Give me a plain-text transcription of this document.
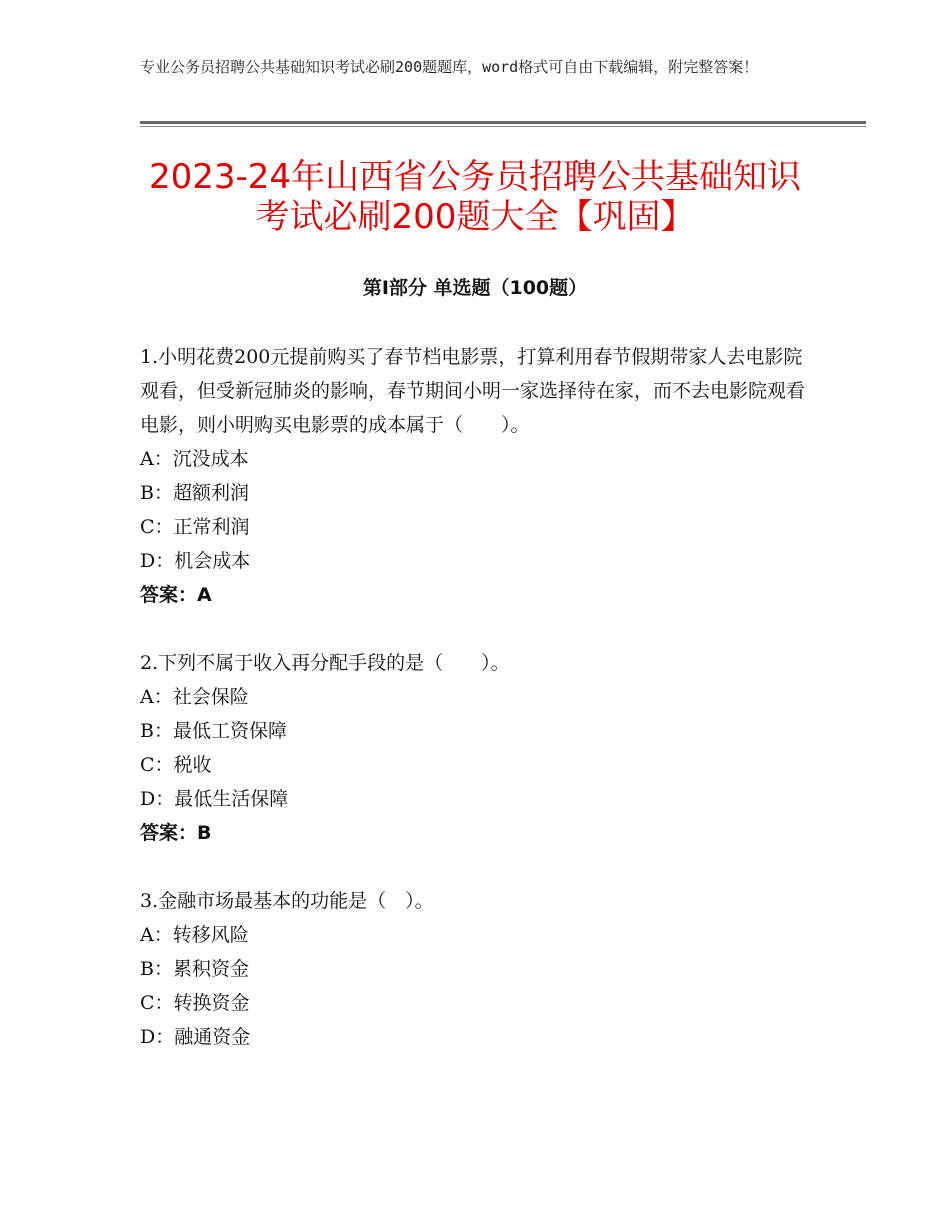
专业公务员招聘公共基础知识考试必刷200题题库，word格式可自由下载编辑，附完整答案！
2023-24年山西省公务员招聘公共基础知识
考试必刷200题大全【巩固】
第Ⅰ部分 单选题（100题）

1.小明花费200元提前购买了春节档电影票，打算利用春节假期带家人去电影院观看，但受新冠肺炎的影响，春节期间小明一家选择待在家，而不去电影院观看电影，则小明购买电影票的成本属于（　　）。

A：沉没成本

B：超额利润

C：正常利润

D：机会成本

答案：A

2.下列不属于收入再分配手段的是（　　）。

A：社会保险

B：最低工资保障

C：税收

D：最低生活保障

答案：B

3.金融市场最基本的功能是（　）。

A：转移风险

B：累积资金

C：转换资金

D：融通资金
